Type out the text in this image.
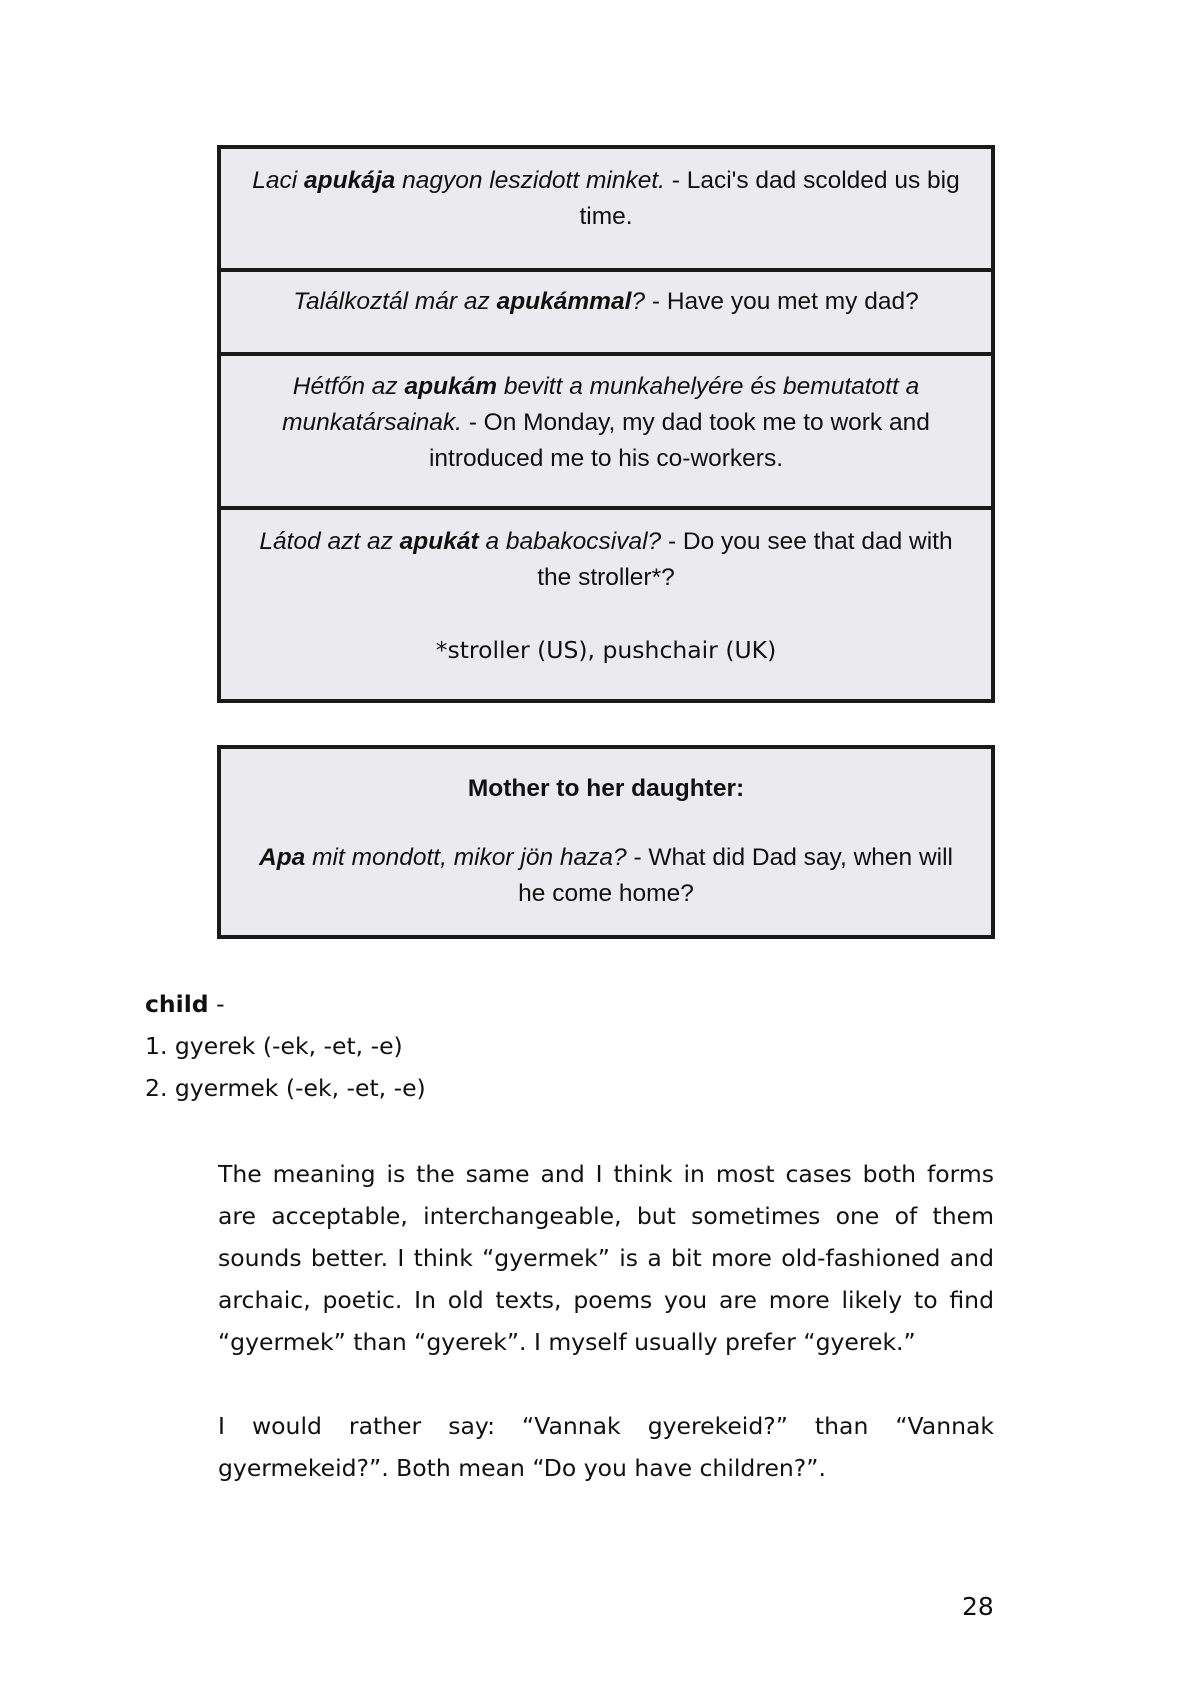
Laci apukája nagyon leszidott minket. - Laci's dad scolded us big time.
Találkoztál már az apukámmal? - Have you met my dad?
Hétfőn az apukám bevitt a munkahelyére és bemutatott a munkatársainak. - On Monday, my dad took me to work and introduced me to his co-workers.
Látod azt az apukát a babakocsival? - Do you see that dad with the stroller*?
*stroller (US), pushchair (UK)
Mother to her daughter:
Apa mit mondott, mikor jön haza? - What did Dad say, when will he come home?
child -
1. gyerek (-ek, -et, -e)
2. gyermek (-ek, -et, -e)

The meaning is the same and I think in most cases both forms are acceptable, interchangeable, but sometimes one of them sounds better. I think “gyermek” is a bit more old-fashioned and archaic, poetic. In old texts, poems you are more likely to find “gyermek” than “gyerek”. I myself usually prefer “gyerek.”

I would rather say: “Vannak gyerekeid?” than “Vannak gyermekeid?”. Both mean “Do you have children?”.

28
